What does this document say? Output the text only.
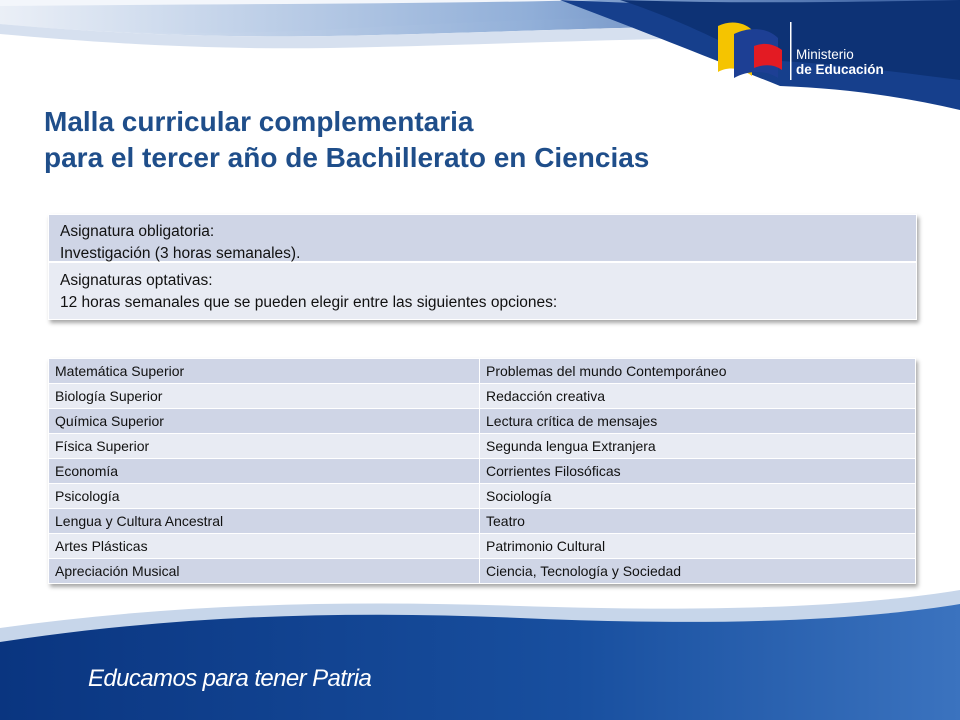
Ministerio
de Educación
Malla curricular complementaria
para el tercer año de Bachillerato en Ciencias
Asignatura obligatoria:
Investigación (3 horas semanales).
Asignaturas optativas:
12 horas semanales que se pueden elegir entre las siguientes opciones:
Matemática Superior	Problemas del mundo Contemporáneo
Biología Superior	Redacción creativa
Química Superior	Lectura crítica de mensajes
Física Superior	Segunda lengua Extranjera
Economía	Corrientes Filosóficas
Psicología	Sociología
Lengua y Cultura Ancestral	Teatro
Artes Plásticas	Patrimonio Cultural
Apreciación Musical	Ciencia, Tecnología y Sociedad
Educamos para tener Patria
